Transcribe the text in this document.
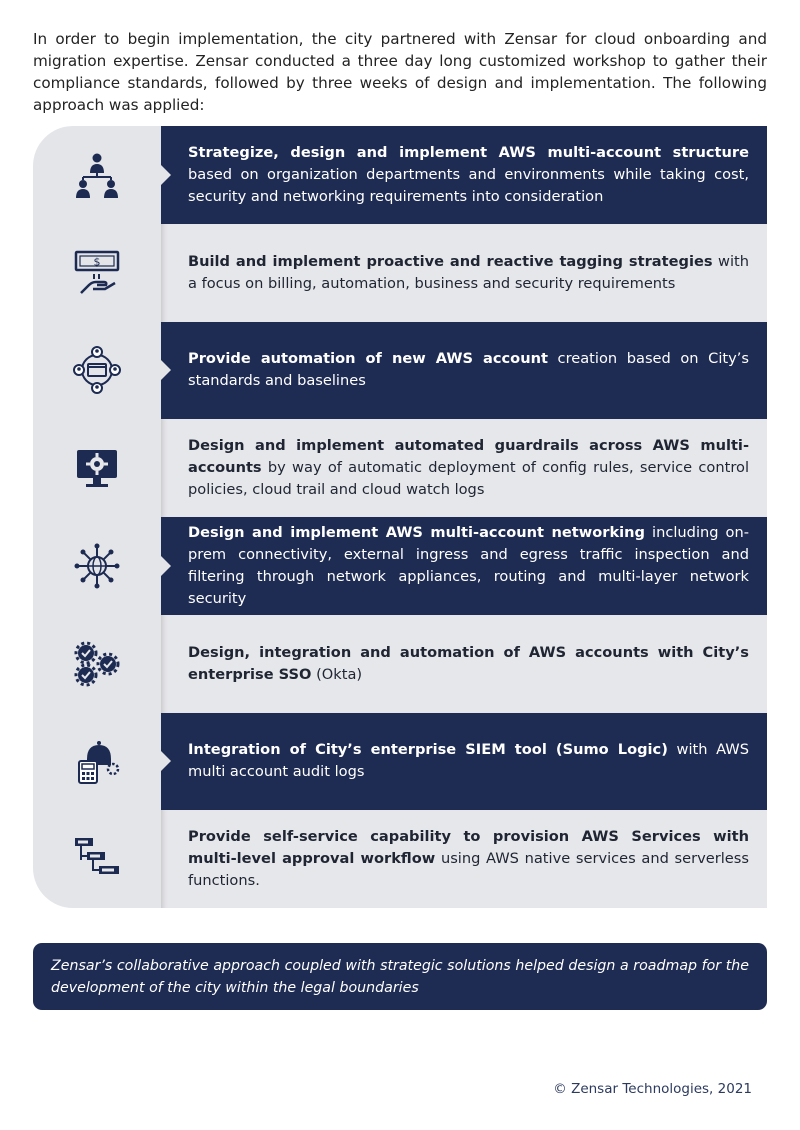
In order to begin implementation, the city partnered with Zensar for cloud onboarding and migration expertise. Zensar conducted a three day long customized workshop to gather their compliance standards, followed by three weeks of design and implementation. The following approach was applied:

Strategize, design and implement AWS multi-account structure based on organization departments and environments while taking cost, security and networking requirements into consideration

$	Build and implement proactive and reactive tagging strategies with a focus on billing, automation, business and security requirements

Provide automation of new AWS account creation based on City’s standards and baselines

Design and implement automated guardrails across AWS multi-accounts by way of automatic deployment of config rules, service control policies, cloud trail and cloud watch logs

Design and implement AWS multi-account networking including on-prem connectivity, external ingress and egress traffic inspection and filtering through network appliances, routing and multi-layer network security

Design, integration and automation of AWS accounts with City’s enterprise SSO (Okta)

Integration of City’s enterprise SIEM tool (Sumo Logic) with AWS multi account audit logs

Provide self-service capability to provision AWS Services with multi-level approval workflow using AWS native services and serverless functions.

Zensar’s collaborative approach coupled with strategic solutions helped design a roadmap for the development of the city within the legal boundaries

© Zensar Technologies, 2021
